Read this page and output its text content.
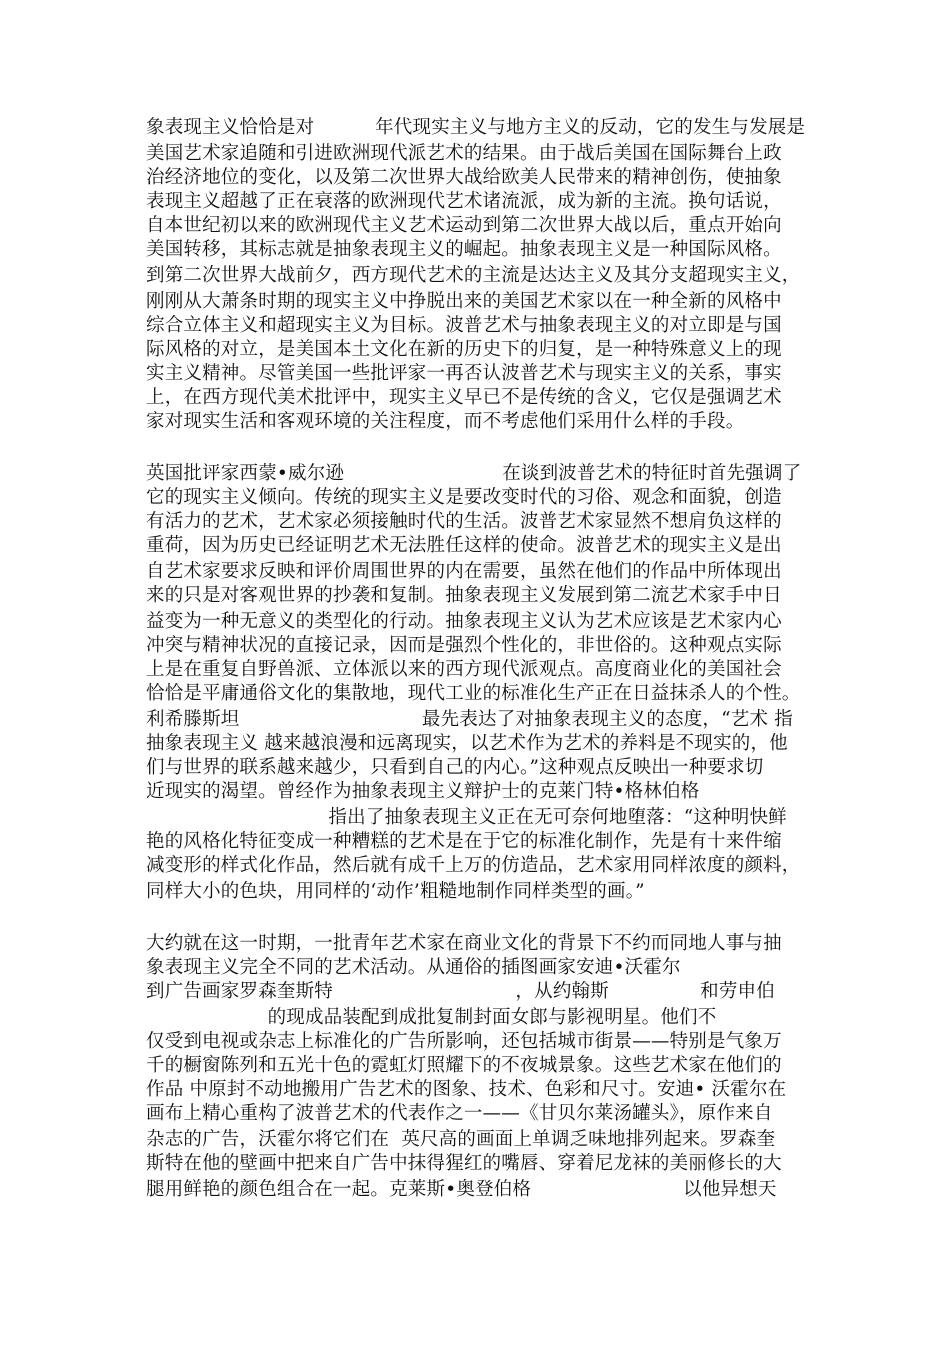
象表现主义恰恰是对          年代现实主义与地方主义的反动，它的发生与发展是
美国艺术家追随和引进欧洲现代派艺术的结果。由于战后美国在国际舞台上政
治经济地位的变化，以及第二次世界大战给欧美人民带来的精神创伤，使抽象
表现主义超越了正在衰落的欧洲现代艺术诸流派，成为新的主流。换句话说，
自本世纪初以来的欧洲现代主义艺术运动到第二次世界大战以后，重点开始向
美国转移，其标志就是抽象表现主义的崛起。抽象表现主义是一种国际风格。
到第二次世界大战前夕，西方现代艺术的主流是达达主义及其分支超现实主义，
刚刚从大萧条时期的现实主义中挣脱出来的美国艺术家以在一种全新的风格中
综合立体主义和超现实主义为目标。波普艺术与抽象表现主义的对立即是与国
际风格的对立，是美国本土文化在新的历史下的归复，是一种特殊意义上的现
实主义精神。尽管美国一些批评家一再否认波普艺术与现实主义的关系，事实
上，在西方现代美术批评中，现实主义早已不是传统的含义，它仅是强调艺术
家对现实生活和客观环境的关注程度，而不考虑他们采用什么样的手段。
英国批评家西蒙•威尔逊                          在谈到波普艺术的特征时首先强调了
它的现实主义倾向。传统的现实主义是要改变时代的习俗、观念和面貌，创造
有活力的艺术，艺术家必须接触时代的生活。波普艺术家显然不想肩负这样的
重荷，因为历史已经证明艺术无法胜任这样的使命。波普艺术的现实主义是出
自艺术家要求反映和评价周围世界的内在需要，虽然在他们的作品中所体现出
来的只是对客观世界的抄袭和复制。抽象表现主义发展到第二流艺术家手中日
益变为一种无意义的类型化的行动。抽象表现主义认为艺术应该是艺术家内心
冲突与精神状况的直接记录，因而是强烈个性化的，非世俗的。这种观点实际
上是在重复自野兽派、立体派以来的西方现代派观点。高度商业化的美国社会
恰恰是平庸通俗文化的集散地，现代工业的标准化生产正在日益抹杀人的个性。
利希滕斯坦                              最先表达了对抽象表现主义的态度，“艺术 指
抽象表现主义 越来越浪漫和远离现实，以艺术作为艺术的养料是不现实的，他
们与世界的联系越来越少，只看到自己的内心。”这种观点反映出一种要求切
近现实的渴望。曾经作为抽象表现主义辩护士的克莱门特•格林伯格
指出了抽象表现主义正在无可奈何地堕落：“这种明快鲜
艳的风格化特征变成一种糟糕的艺术是在于它的标准化制作，先是有十来件缩
减变形的样式化作品，然后就有成千上万的仿造品，艺术家用同样浓度的颜料，
同样大小的色块，用同样的‘动作’粗糙地制作同样类型的画。”
大约就在这一时期，一批青年艺术家在商业文化的背景下不约而同地人事与抽
象表现主义完全不同的艺术活动。从通俗的插图画家安迪•沃霍尔
到广告画家罗森奎斯特                              ，从约翰斯               和劳申伯
的现成品装配到成批复制封面女郎与影视明星。他们不
仅受到电视或杂志上标准化的广告所影响，还包括城市街景——特别是气象万
千的橱窗陈列和五光十色的霓虹灯照耀下的不夜城景象。这些艺术家在他们的
作品 中原封不动地搬用广告艺术的图象、技术、色彩和尺寸。安迪• 沃霍尔在
画布上精心重构了波普艺术的代表作之一——《甘贝尔莱汤罐头》，原作来自
杂志的广告，沃霍尔将它们在  英尺高的画面上单调乏味地排列起来。罗森奎
斯特在他的壁画中把来自广告中抹得猩红的嘴唇、穿着尼龙袜的美丽修长的大
腿用鲜艳的颜色组合在一起。克莱斯•奥登伯格                         以他异想天
